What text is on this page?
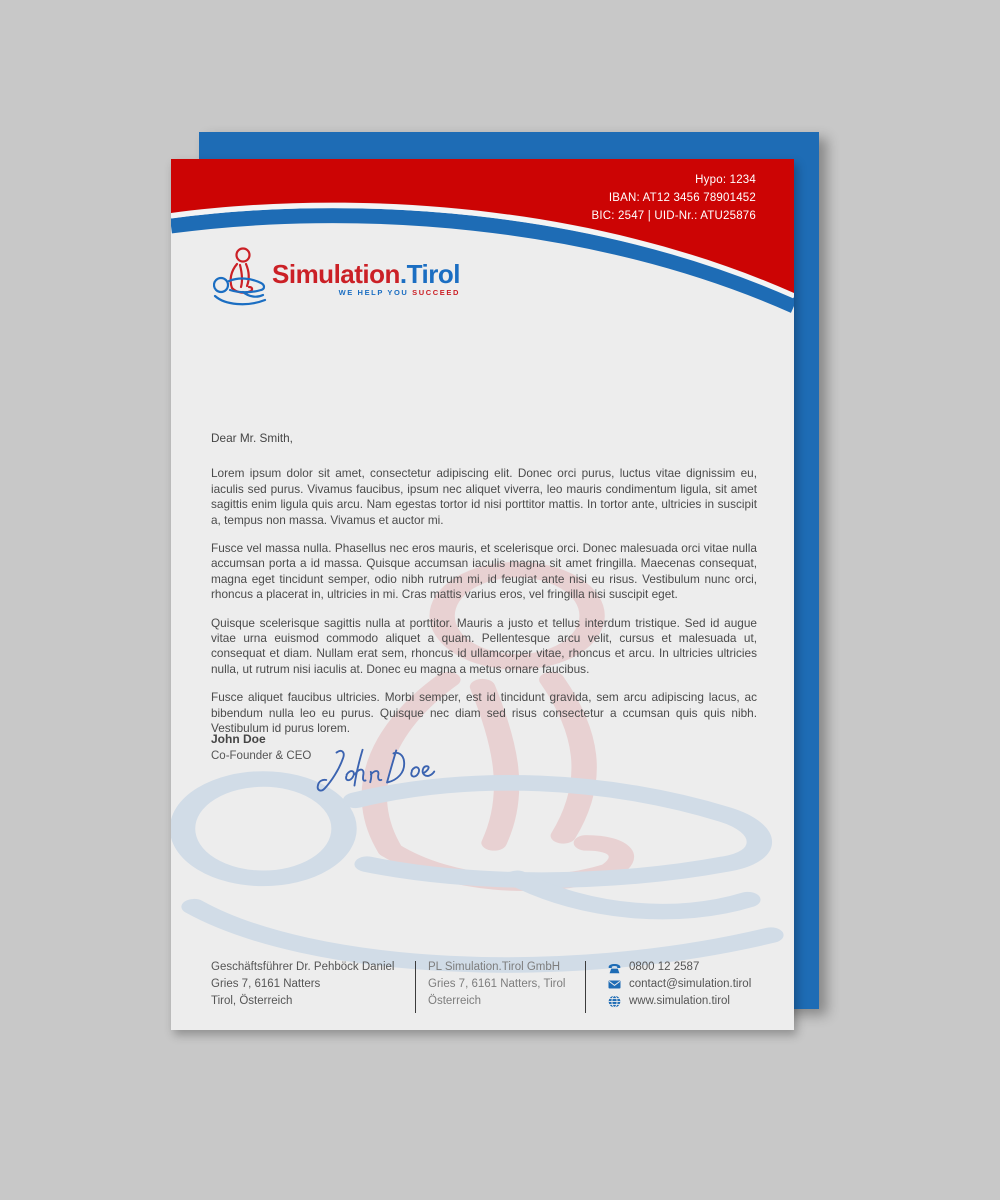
Hypo: 1234
IBAN: AT12 3456 78901452
BIC: 2547 | UID-Nr.: ATU25876
Simulation.Tirol
WE HELP YOU SUCCEED
Dear Mr. Smith,

Lorem ipsum dolor sit amet, consectetur adipiscing elit. Donec orci purus, luctus vitae dignissim eu, iaculis sed purus. Vivamus faucibus, ipsum nec aliquet viverra, leo mauris condimentum ligula, sit amet sagittis enim ligula quis arcu. Nam egestas tortor id nisi porttitor mattis. In tortor ante, ultricies in suscipit a, tempus non massa. Vivamus et auctor mi.

Fusce vel massa nulla. Phasellus nec eros mauris, et scelerisque orci. Donec malesuada orci vitae nulla accumsan porta a id massa. Quisque accumsan iaculis magna sit amet fringilla. Maecenas consequat, magna eget tincidunt semper, odio nibh rutrum mi, id feugiat ante nisi eu risus. Vestibulum nunc orci, rhoncus a placerat in, ultricies in mi. Cras mattis varius eros, vel fringilla nisi suscipit eget.

Quisque scelerisque sagittis nulla at porttitor. Mauris a justo et tellus interdum tristique. Sed id augue vitae urna euismod commodo aliquet a quam. Pellentesque arcu velit, cursus et malesuada ut, consequat et diam. Nullam erat sem, rhoncus id ullamcorper vitae, rhoncus et arcu. In ultricies ultricies nulla, ut rutrum nisi iaculis at. Donec eu magna a metus ornare faucibus.

Fusce aliquet faucibus ultricies. Morbi semper, est id tincidunt gravida, sem arcu adipiscing lacus, ac bibendum nulla leo eu purus. Quisque nec diam sed risus consectetur a ccumsan quis quis nibh. Vestibulum id purus lorem.

John Doe
Co-Founder & CEO
Geschäftsführer Dr. Pehböck Daniel
Gries 7, 6161 Natters
Tirol, Österreich
PL Simulation.Tirol GmbH
Gries 7, 6161 Natters, Tirol
Österreich
0800 12 2587
contact@simulation.tirol
www.simulation.tirol
